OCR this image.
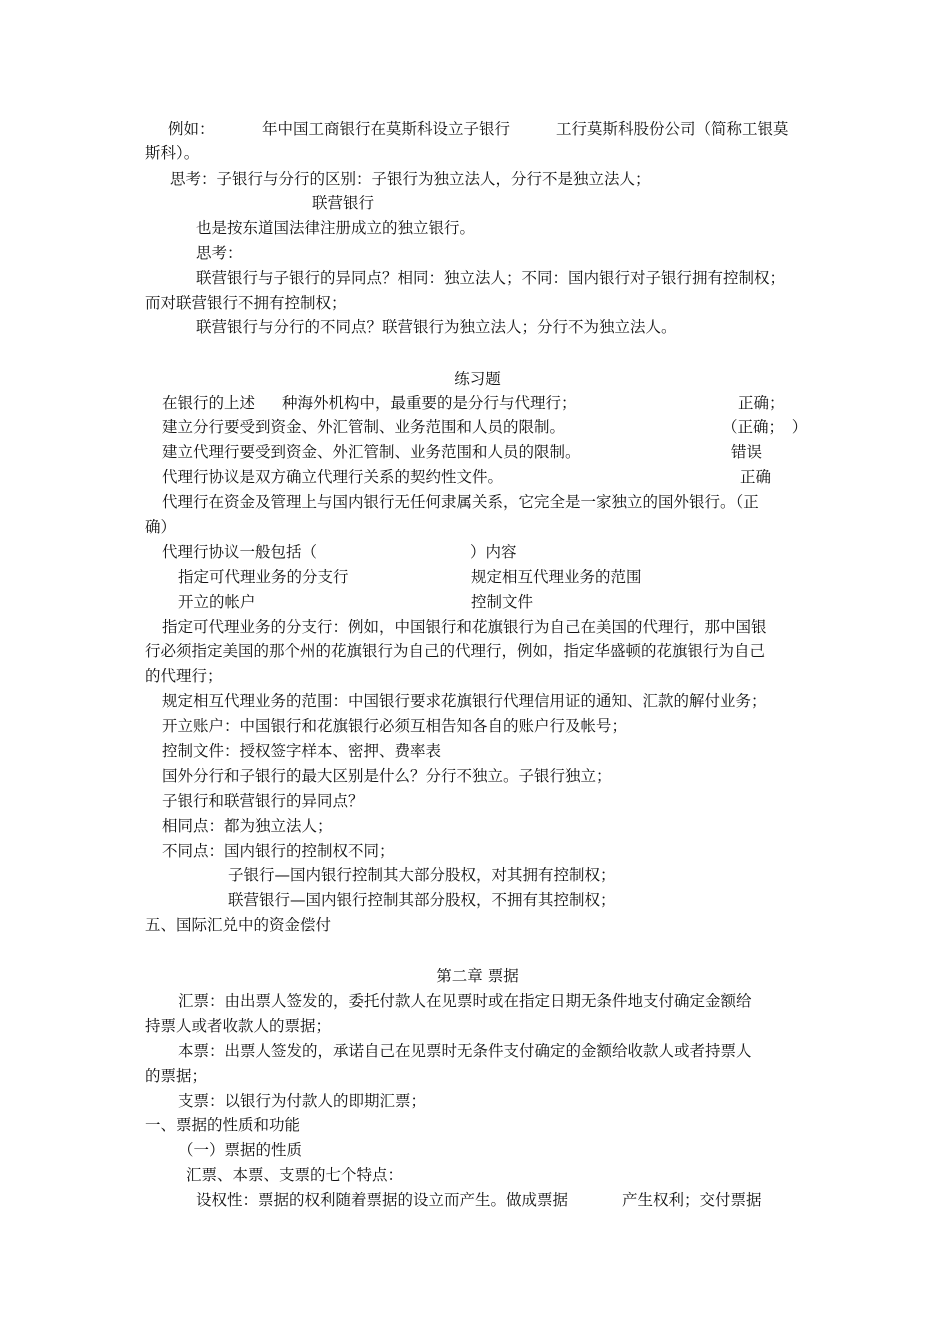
例如：	年中国工商银行在莫斯科设立子银行	工行莫斯科股份公司（简称工银莫
斯科）。
思考：子银行与分行的区别：子银行为独立法人，分行不是独立法人；
联营银行
也是按东道国法律注册成立的独立银行。
思考：
联营银行与子银行的异同点？相同：独立法人；不同：国内银行对子银行拥有控制权；
而对联营银行不拥有控制权；
联营银行与分行的不同点？联营银行为独立法人；分行不为独立法人。
在银行的上述 种海外机构中，最重要的是分行与代理行；	正确；
建立分行要受到资金、外汇管制、业务范围和人员的限制。	（正确；　）
建立代理行要受到资金、外汇管制、业务范围和人员的限制。	错误
代理行协议是双方确立代理行关系的契约性文件。	正确
代理行在资金及管理上与国内银行无任何隶属关系，它完全是一家独立的国外银行。（正
确）
代理行协议一般包括（	）内容
指定可代理业务的分支行	规定相互代理业务的范围
开立的帐户	控制文件
指定可代理业务的分支行：例如，中国银行和花旗银行为自己在美国的代理行，那中国银
行必须指定美国的那个州的花旗银行为自己的代理行，例如，指定华盛顿的花旗银行为自己
的代理行；
规定相互代理业务的范围：中国银行要求花旗银行代理信用证的通知、汇款的解付业务；
开立账户：中国银行和花旗银行必须互相告知各自的账户行及帐号；
控制文件：授权签字样本、密押、费率表
国外分行和子银行的最大区别是什么？分行不独立。子银行独立；
子银行和联营银行的异同点？
相同点：都为独立法人；
不同点：国内银行的控制权不同；
子银行—国内银行控制其大部分股权，对其拥有控制权；
联营银行—国内银行控制其部分股权，不拥有其控制权；
五、国际汇兑中的资金偿付
汇票：由出票人签发的，委托付款人在见票时或在指定日期无条件地支付确定金额给
持票人或者收款人的票据；
本票：出票人签发的，承诺自己在见票时无条件支付确定的金额给收款人或者持票人
的票据；
支票：以银行为付款人的即期汇票；
一、票据的性质和功能
（一）票据的性质
汇票、本票、支票的七个特点：
设权性：票据的权利随着票据的设立而产生。做成票据	产生权利；交付票据
练习题
第二章 票据
